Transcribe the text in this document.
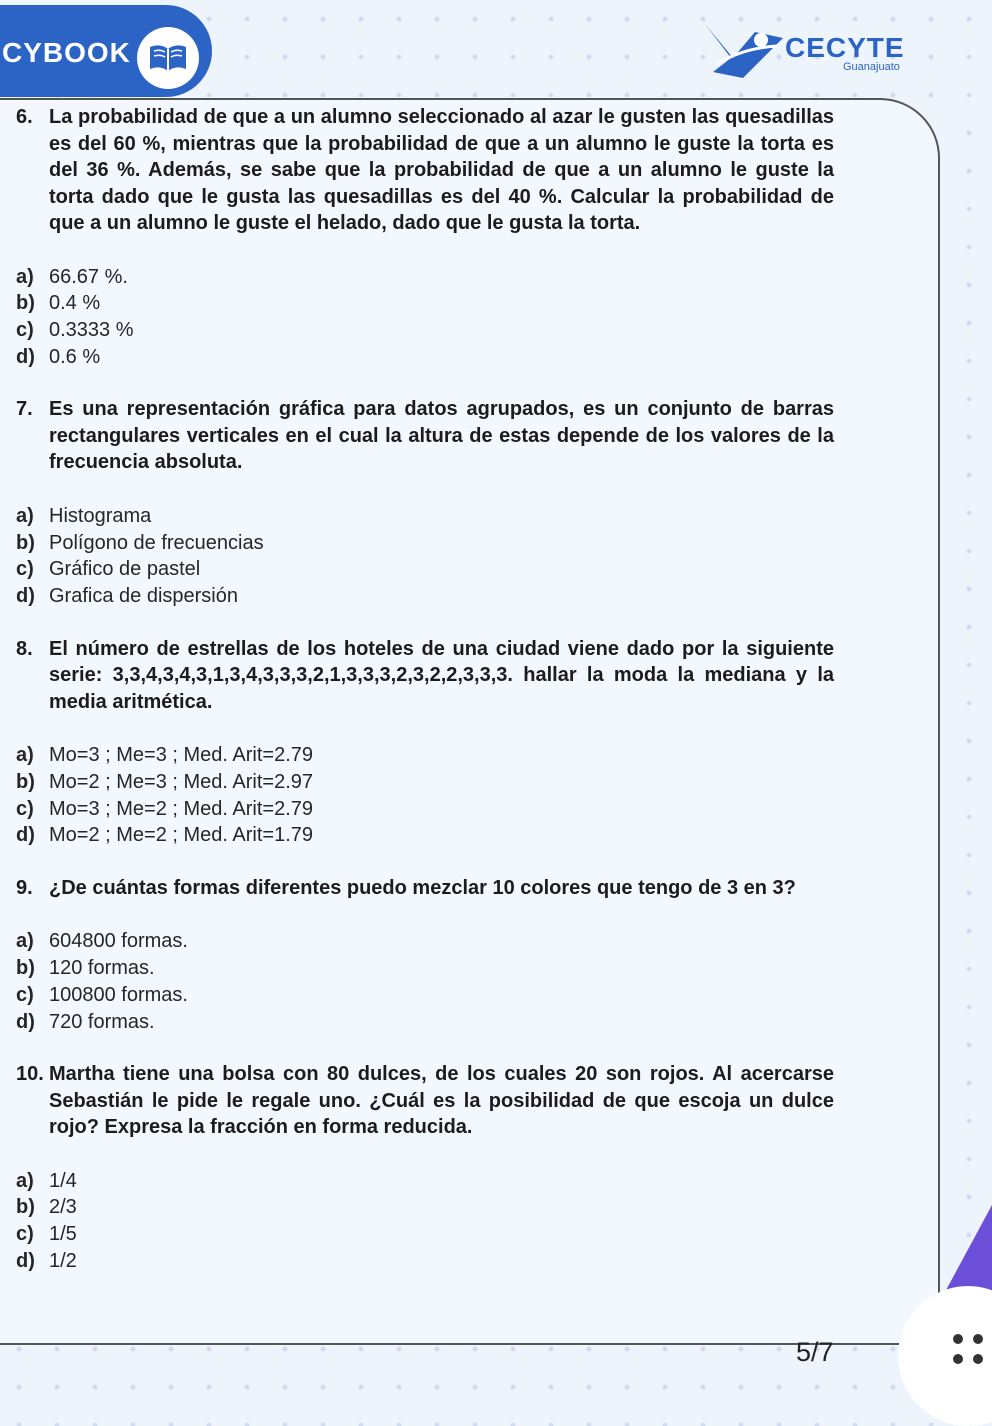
CYBOOK	CECYTE
Guanajuato
6. La probabilidad de que a un alumno seleccionado al azar le gusten las quesadillas es del 60 %, mientras que la probabilidad de que a un alumno le guste la torta es del 36 %. Además, se sabe que la probabilidad de que a un alumno le guste la torta dado que le gusta las quesadillas es del 40 %. Calcular la probabilidad de que a un alumno le guste el helado, dado que le gusta la torta.
a) 66.67 %.
b) 0.4 %
c) 0.3333 %
d) 0.6 %
7. Es una representación gráfica para datos agrupados, es un conjunto de barras rectangulares verticales en el cual la altura de estas depende de los valores de la frecuencia absoluta.
a) Histograma
b) Polígono de frecuencias
c) Gráfico de pastel
d) Grafica de dispersión
8. El número de estrellas de los hoteles de una ciudad viene dado por la siguiente serie: 3,3,4,3,4,3,1,3,4,3,3,3,2,1,3,3,3,2,3,2,2,3,3,3. hallar la moda la mediana y la media aritmética.
a) Mo=3 ; Me=3 ; Med. Arit=2.79
b) Mo=2 ; Me=3 ; Med. Arit=2.97
c) Mo=3 ; Me=2 ; Med. Arit=2.79
d) Mo=2 ; Me=2 ; Med. Arit=1.79
9. ¿De cuántas formas diferentes puedo mezclar 10 colores que tengo de 3 en 3?
a) 604800 formas.
b) 120 formas.
c) 100800 formas.
d) 720 formas.
10. Martha tiene una bolsa con 80 dulces, de los cuales 20 son rojos. Al acercarse Sebastián le pide le regale uno. ¿Cuál es la posibilidad de que escoja un dulce rojo? Expresa la fracción en forma reducida.
a) 1/4
b) 2/3
c) 1/5
d) 1/2
5/7
